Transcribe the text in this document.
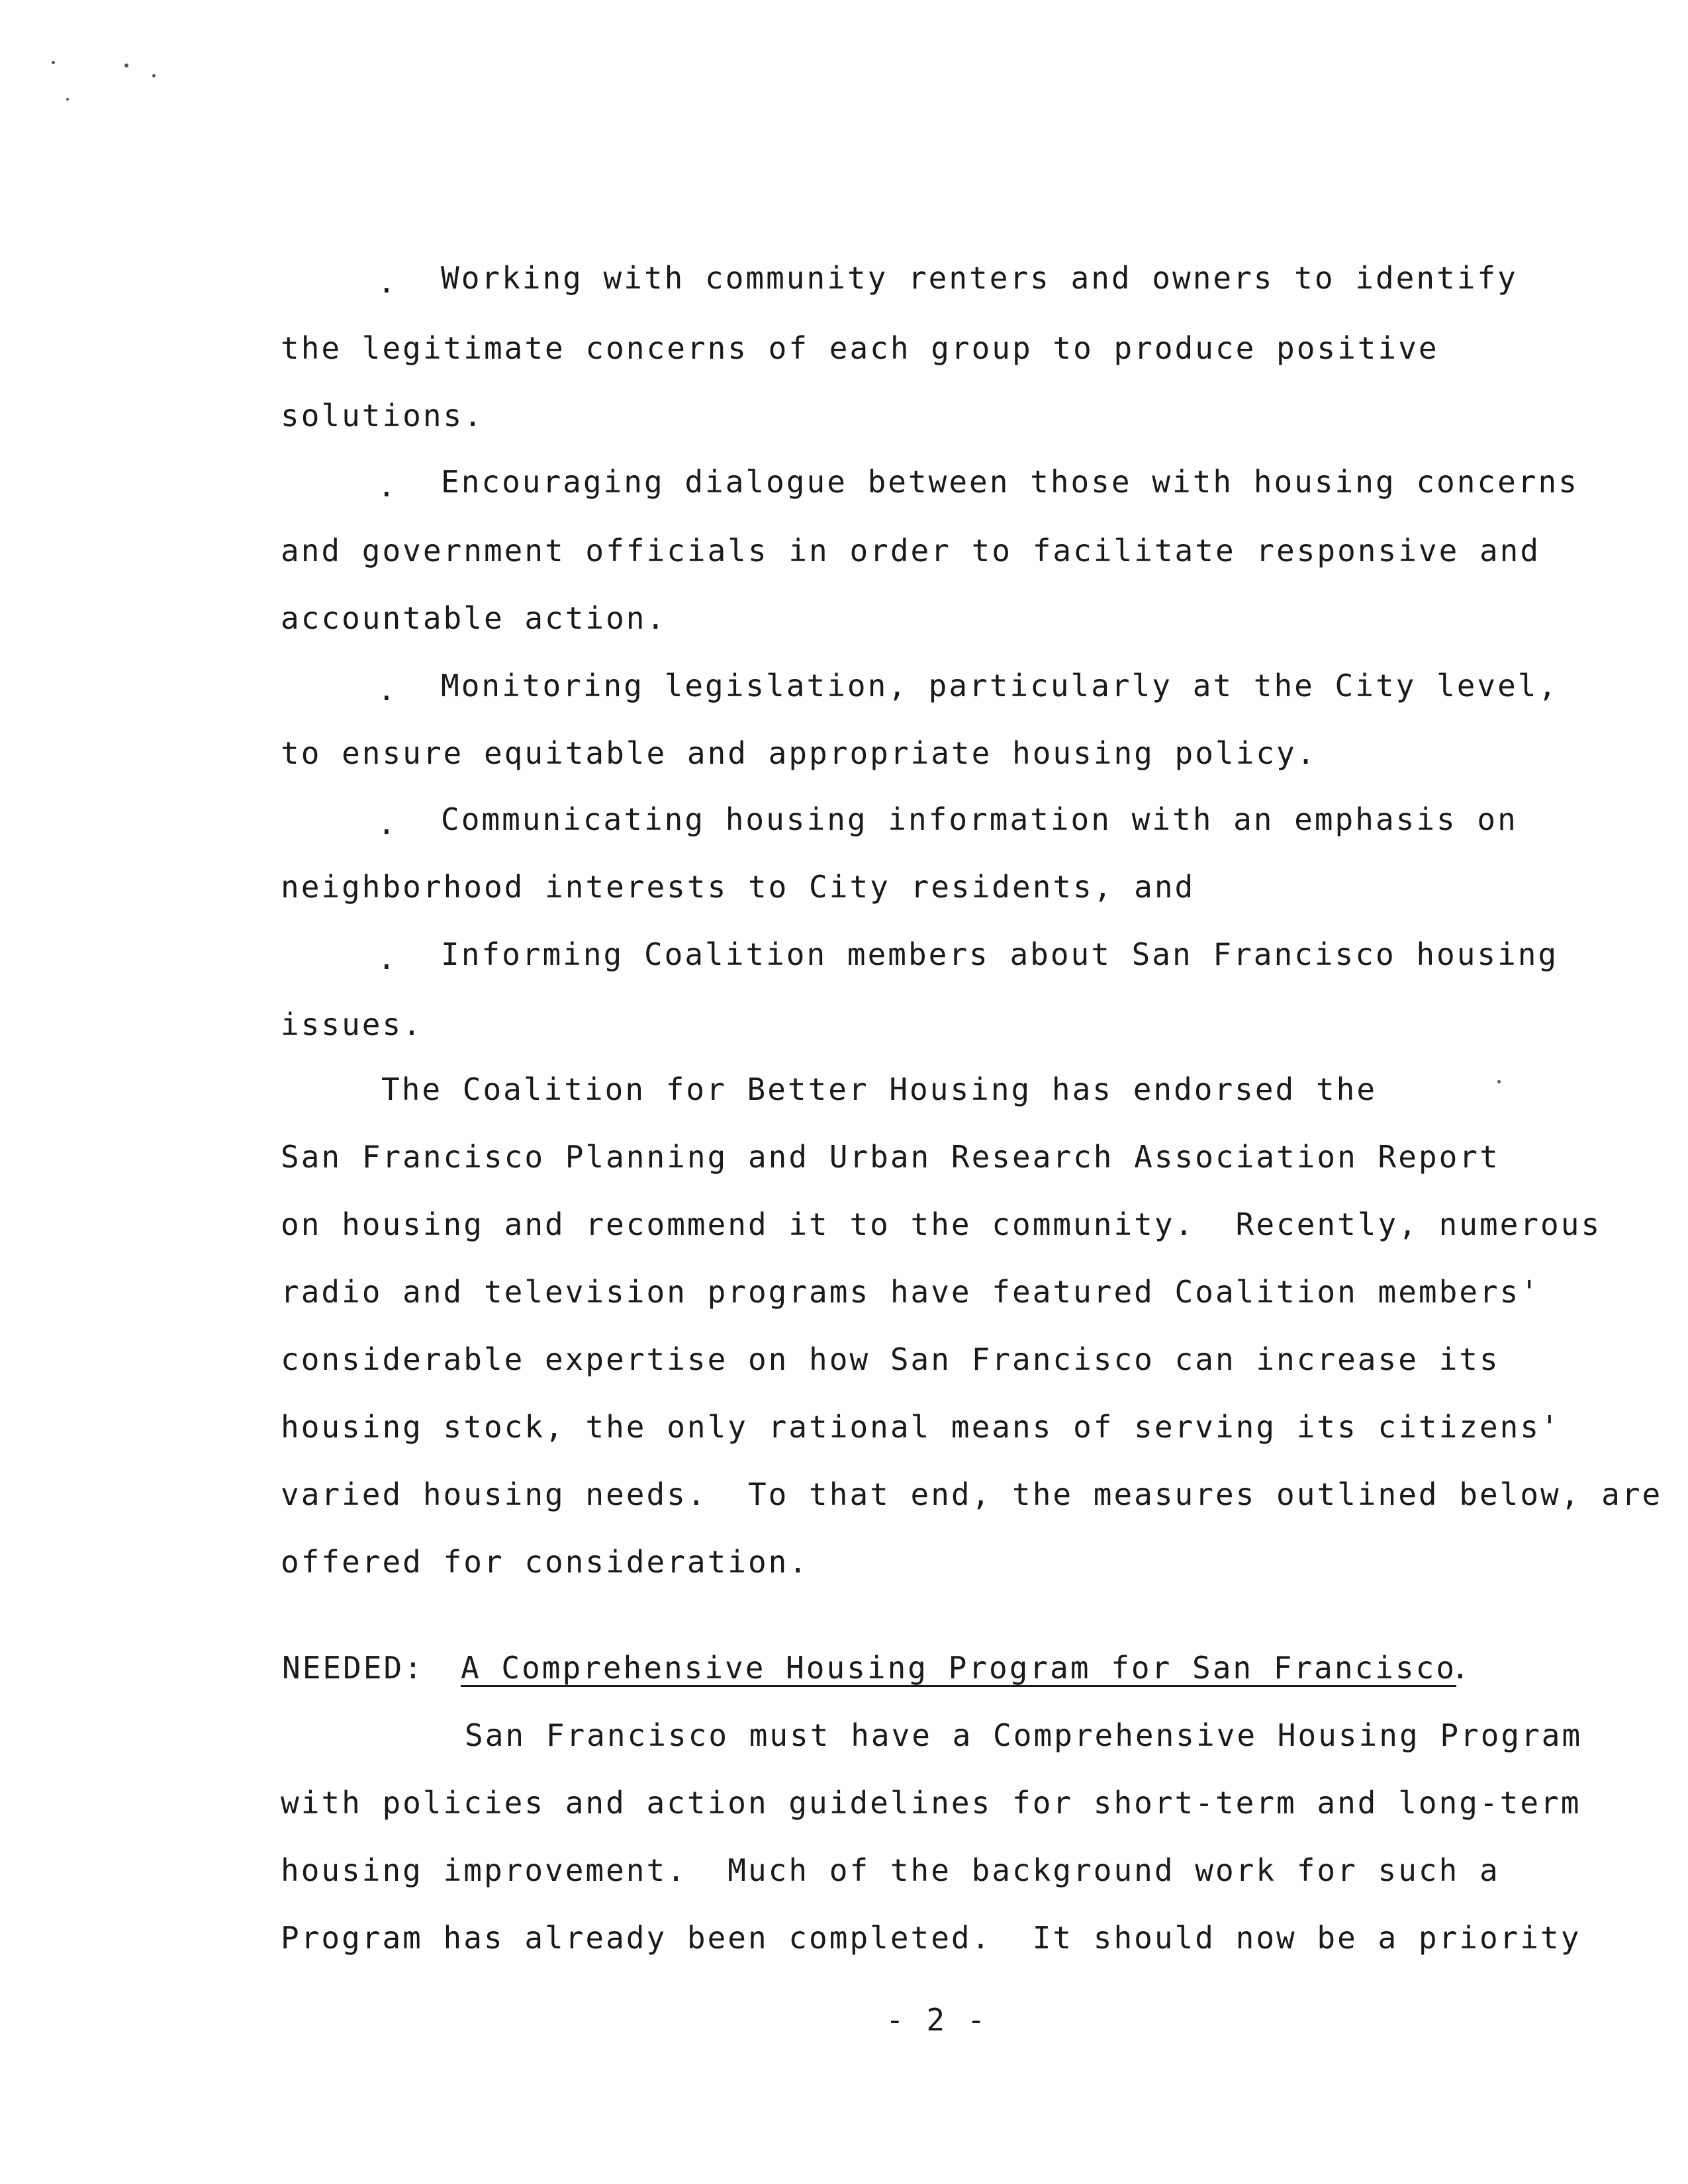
. Working with community renters and owners to identify
the legitimate concerns of each group to produce positive
solutions.
. Encouraging dialogue between those with housing concerns
and government officials in order to facilitate responsive and
accountable action.
. Monitoring legislation, particularly at the City level,
to ensure equitable and appropriate housing policy.
. Communicating housing information with an emphasis on
neighborhood interests to City residents, and
. Informing Coalition members about San Francisco housing
issues.
The Coalition for Better Housing has endorsed the
San Francisco Planning and Urban Research Association Report
on housing and recommend it to the community.  Recently, numerous
radio and television programs have featured Coalition members'
considerable expertise on how San Francisco can increase its
housing stock, the only rational means of serving its citizens'
varied housing needs.  To that end, the measures outlined below, are
offered for consideration.
NEEDED: A Comprehensive Housing Program for San Francisco
.
San Francisco must have a Comprehensive Housing Program
with policies and action guidelines for short-term and long-term
housing improvement.  Much of the background work for such a
Program has already been completed.  It should now be a priority
- 2 -
